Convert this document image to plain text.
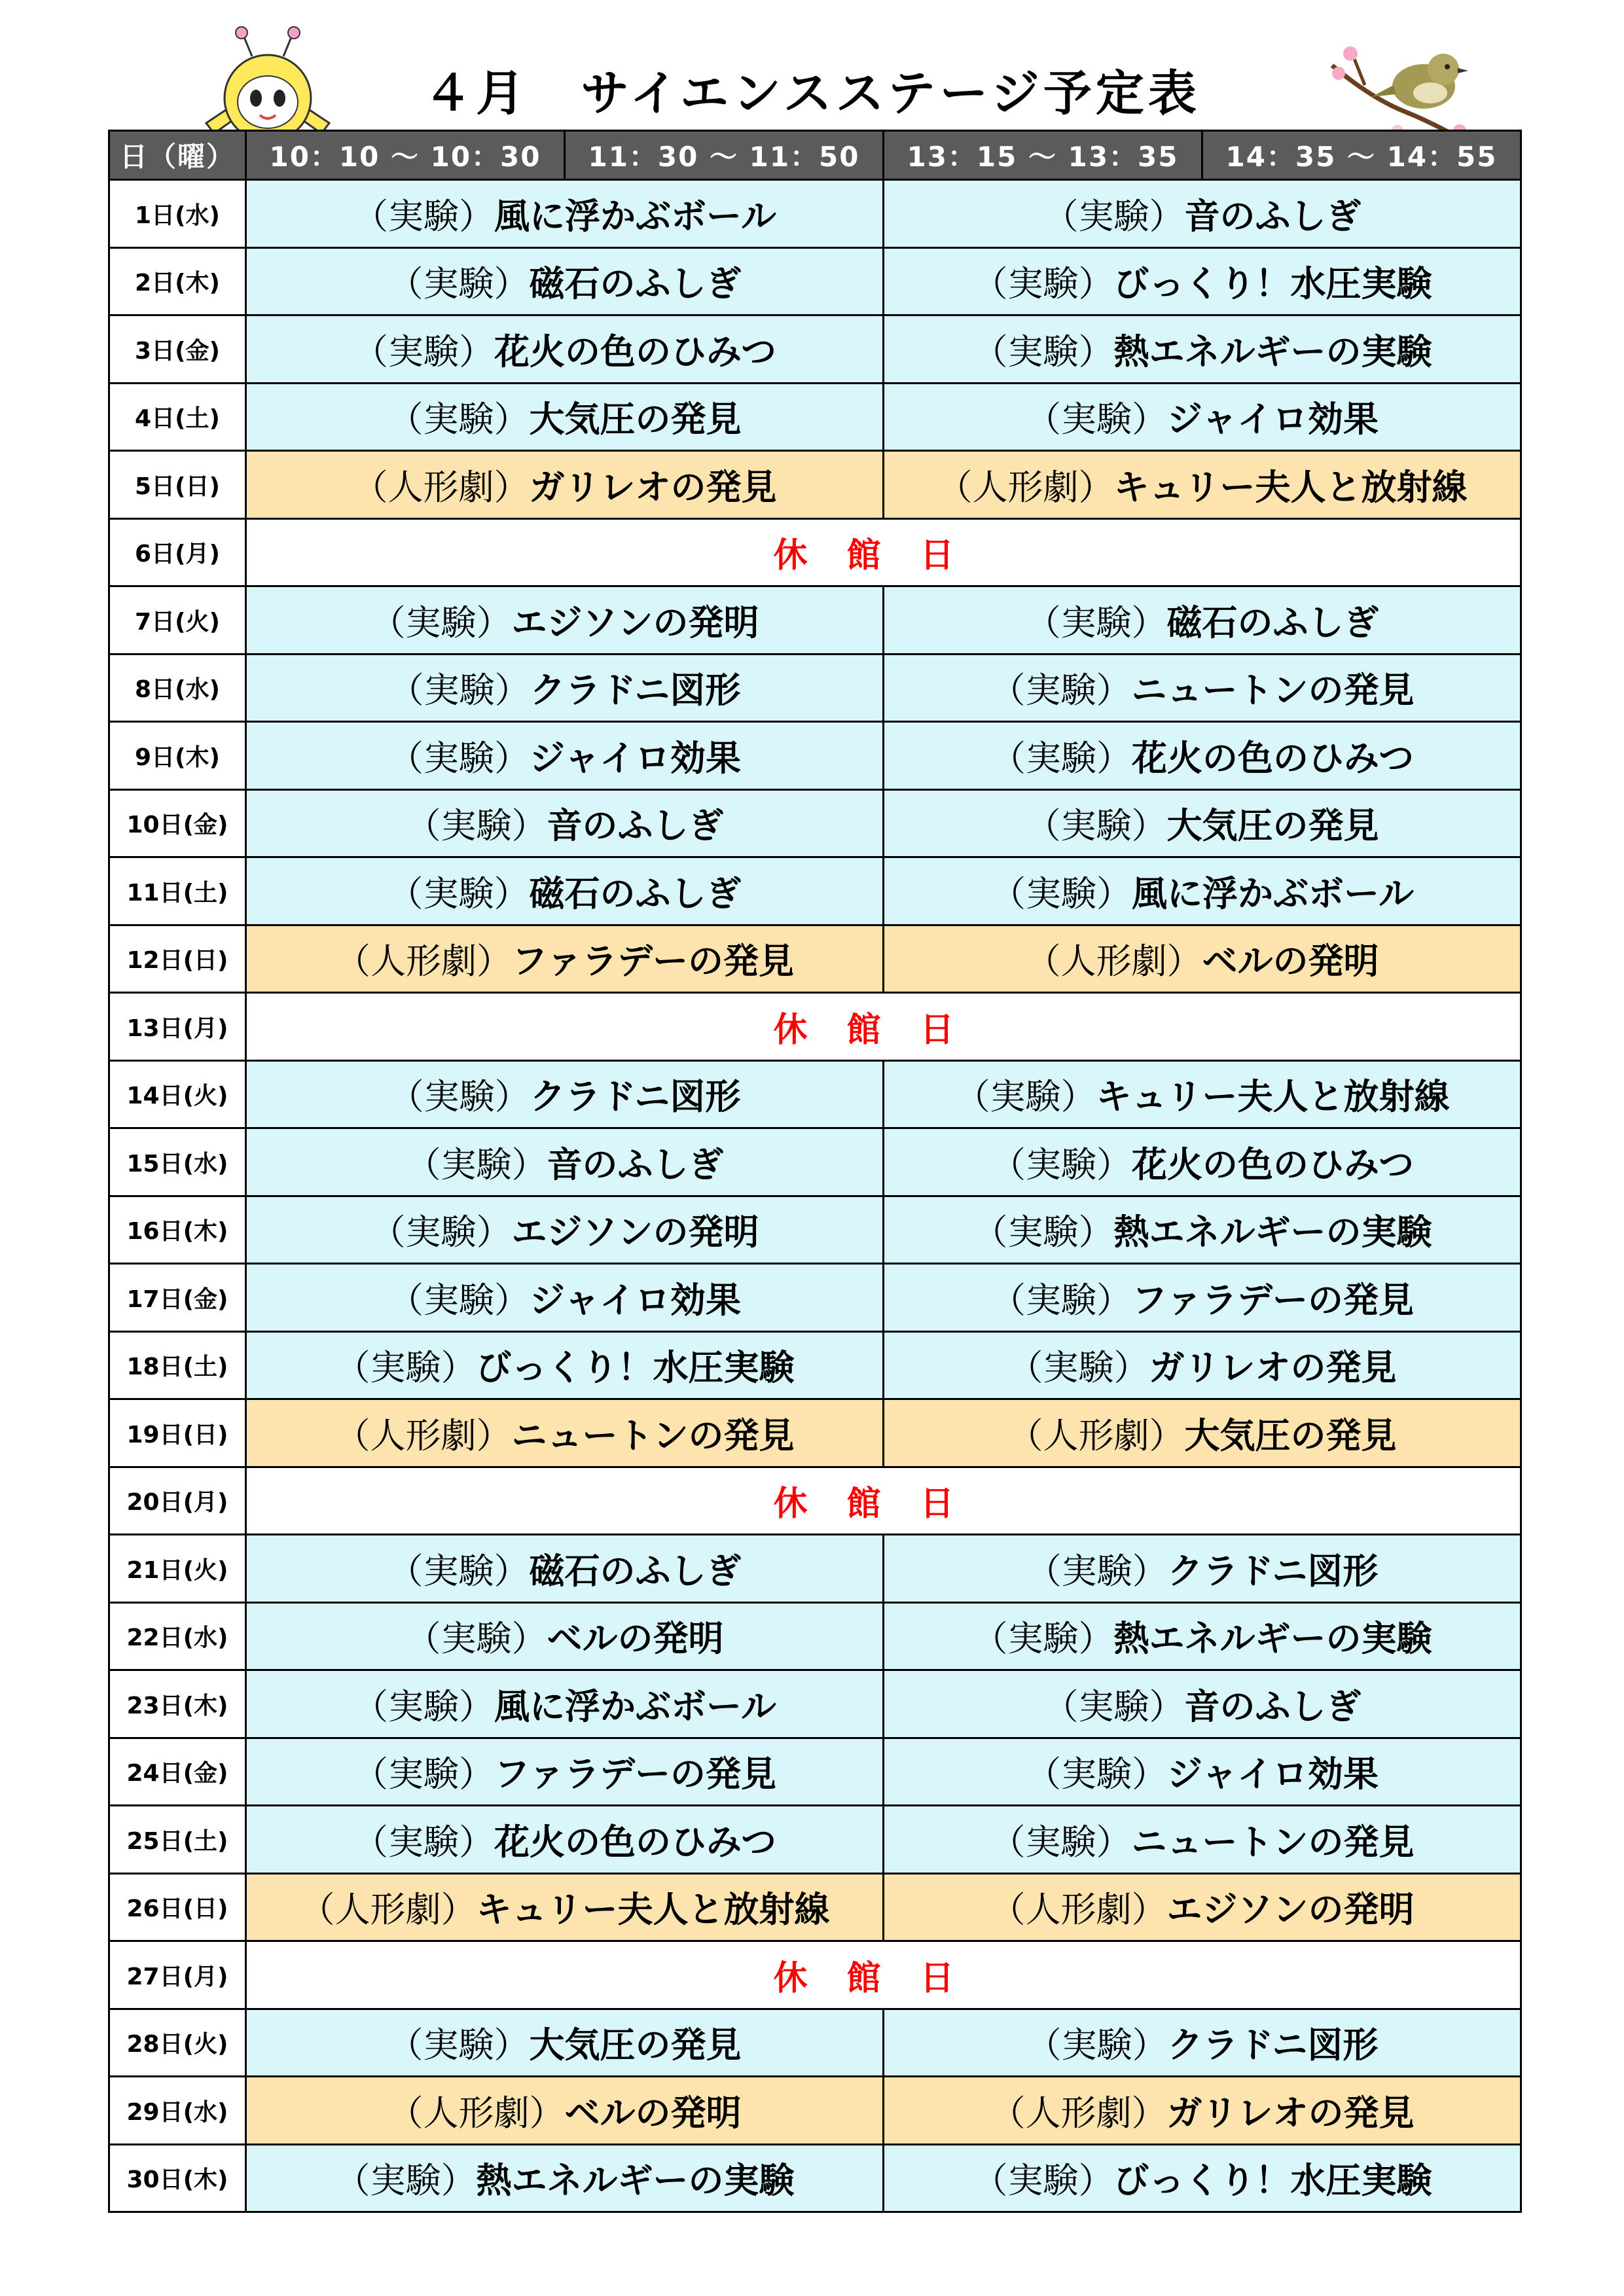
４月　サイエンスステージ予定表
日（曜）	10：10 〜 10：30	11：30 〜 11：50	13：15 〜 13：35	14：35 〜 14：55
1日(水)	（実験）風に浮かぶボール		（実験）音のふしぎ	
2日(木)	（実験）磁石のふしぎ		（実験）びっくり！水圧実験	
3日(金)	（実験）花火の色のひみつ		（実験）熱エネルギーの実験	
4日(土)	（実験）大気圧の発見		（実験）ジャイロ効果	
5日(日)	（人形劇）ガリレオの発見		（人形劇）キュリー夫人と放射線	
6日(月)	休館日			
7日(火)	（実験）エジソンの発明		（実験）磁石のふしぎ	
8日(水)	（実験）クラドニ図形		（実験）ニュートンの発見	
9日(木)	（実験）ジャイロ効果		（実験）花火の色のひみつ	
10日(金)	（実験）音のふしぎ		（実験）大気圧の発見	
11日(土)	（実験）磁石のふしぎ		（実験）風に浮かぶボール	
12日(日)	（人形劇）ファラデーの発見		（人形劇）ベルの発明	
13日(月)	休館日			
14日(火)	（実験）クラドニ図形		（実験）キュリー夫人と放射線	
15日(水)	（実験）音のふしぎ		（実験）花火の色のひみつ	
16日(木)	（実験）エジソンの発明		（実験）熱エネルギーの実験	
17日(金)	（実験）ジャイロ効果		（実験）ファラデーの発見	
18日(土)	（実験）びっくり！水圧実験		（実験）ガリレオの発見	
19日(日)	（人形劇）ニュートンの発見		（人形劇）大気圧の発見	
20日(月)	休館日			
21日(火)	（実験）磁石のふしぎ		（実験）クラドニ図形	
22日(水)	（実験）ベルの発明		（実験）熱エネルギーの実験	
23日(木)	（実験）風に浮かぶボール		（実験）音のふしぎ	
24日(金)	（実験）ファラデーの発見		（実験）ジャイロ効果	
25日(土)	（実験）花火の色のひみつ		（実験）ニュートンの発見	
26日(日)	（人形劇）キュリー夫人と放射線		（人形劇）エジソンの発明	
27日(月)	休館日			
28日(火)	（実験）大気圧の発見		（実験）クラドニ図形	
29日(水)	（人形劇）ベルの発明		（人形劇）ガリレオの発見	
30日(木)	（実験）熱エネルギーの実験		（実験）びっくり！水圧実験	
